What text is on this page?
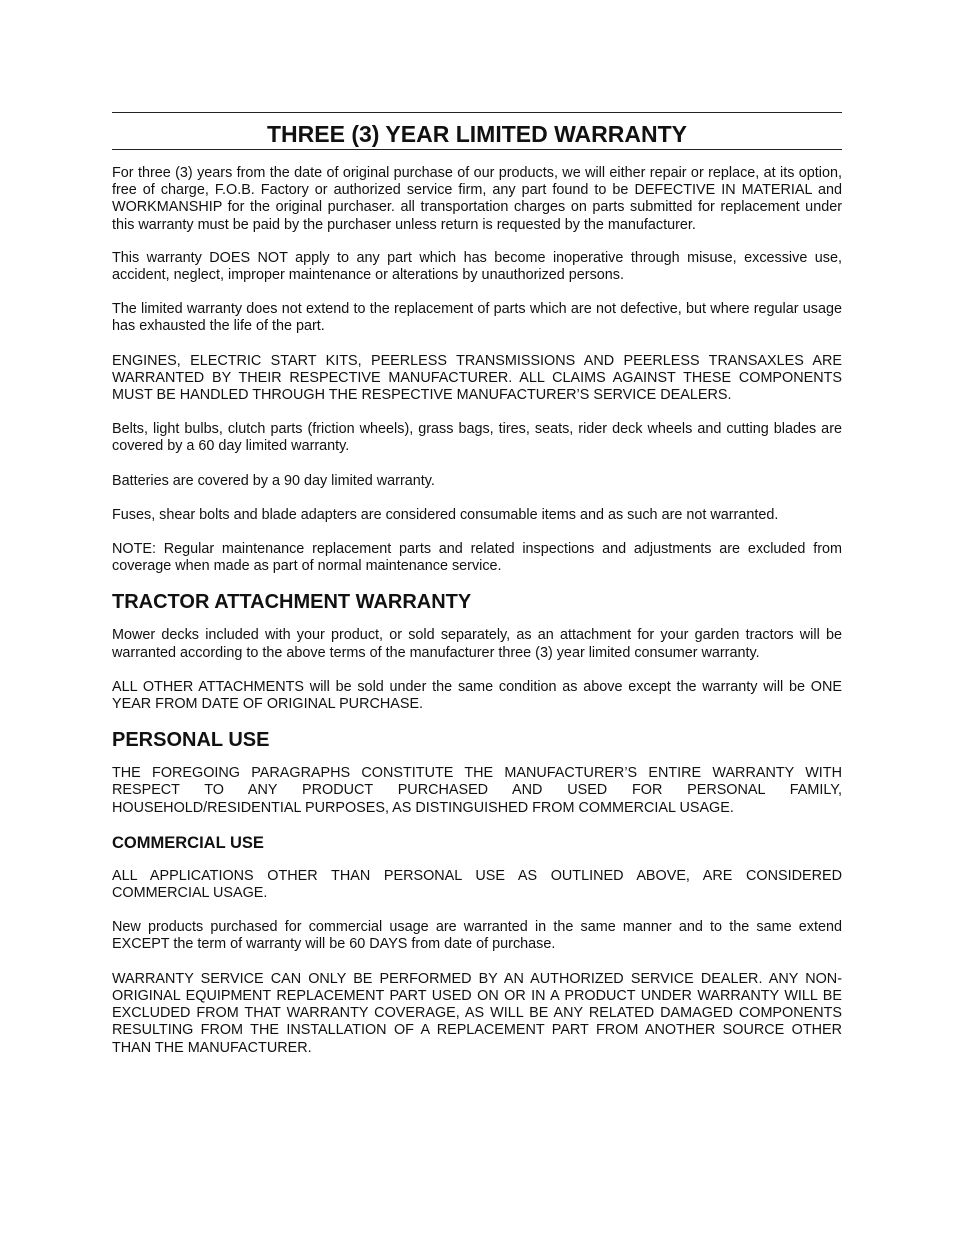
THREE (3) YEAR LIMITED WARRANTY

For three (3) years from the date of original purchase of our products, we will either repair or replace, at its option, free of charge, F.O.B. Factory or authorized service firm, any part found to be DEFECTIVE IN MATERIAL and WORKMANSHIP for the original purchaser. all transportation charges on parts submitted for replacement under this warranty must be paid by the purchaser unless return is requested by the manufacturer.

This warranty DOES NOT apply to any part which has become inoperative through misuse, excessive use, accident, neglect, improper maintenance or alterations by unauthorized persons.

The limited warranty does not extend to the replacement of parts which are not defective, but where regular usage has exhausted the life of the part.

ENGINES, ELECTRIC START KITS, PEERLESS TRANSMISSIONS AND PEERLESS TRANSAXLES ARE WARRANTED BY THEIR RESPECTIVE MANUFACTURER. ALL CLAIMS AGAINST THESE COMPONENTS MUST BE HANDLED THROUGH THE RESPECTIVE MANUFACTURER’S SERVICE DEALERS.

Belts, light bulbs, clutch parts (friction wheels), grass bags, tires, seats, rider deck wheels and cutting blades are covered by a 60 day limited warranty.

Batteries are covered by a 90 day limited warranty.

Fuses, shear bolts and blade adapters are considered consumable items and as such are not warranted.

NOTE: Regular maintenance replacement parts and related inspections and adjustments are excluded from coverage when made as part of normal maintenance service.

TRACTOR ATTACHMENT WARRANTY

Mower decks included with your product, or sold separately, as an attachment for your garden tractors will be warranted according to the above terms of the manufacturer three (3) year limited consumer warranty.

ALL OTHER ATTACHMENTS will be sold under the same condition as above except the warranty will be ONE YEAR FROM DATE OF ORIGINAL PURCHASE.

PERSONAL USE

THE FOREGOING PARAGRAPHS CONSTITUTE THE MANUFACTURER’S ENTIRE WARRANTY WITH RESPECT TO ANY PRODUCT PURCHASED AND USED FOR PERSONAL FAMILY, HOUSEHOLD/RESIDENTIAL PURPOSES, AS DISTINGUISHED FROM COMMERCIAL USAGE.

COMMERCIAL USE

ALL APPLICATIONS OTHER THAN PERSONAL USE AS OUTLINED ABOVE, ARE CONSIDERED COMMERCIAL USAGE.

New products purchased for commercial usage are warranted in the same manner and to the same extend EXCEPT the term of warranty will be 60 DAYS from date of purchase.

WARRANTY SERVICE CAN ONLY BE PERFORMED BY AN AUTHORIZED SERVICE DEALER. ANY NON-ORIGINAL EQUIPMENT REPLACEMENT PART USED ON OR IN A PRODUCT UNDER WARRANTY WILL BE EXCLUDED FROM THAT WARRANTY COVERAGE, AS WILL BE ANY RELATED DAMAGED COMPONENTS RESULTING FROM THE INSTALLATION OF A REPLACEMENT PART FROM ANOTHER SOURCE OTHER THAN THE MANUFACTURER.
